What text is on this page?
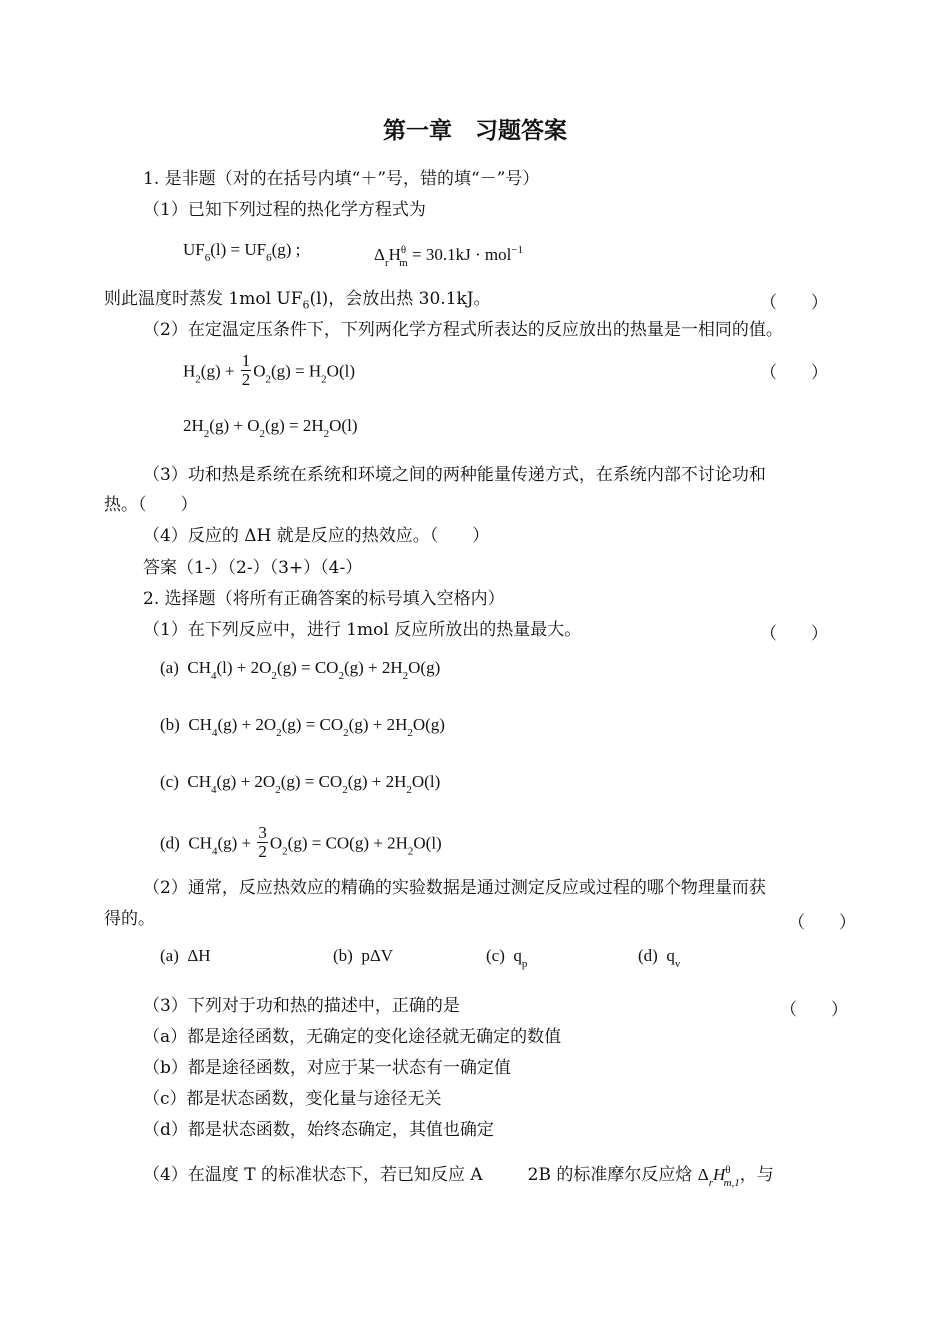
第一章　习题答案
1. 是非题（对的在括号内填“＋”号，错的填“－”号）
（1）已知下列过程的热化学方程式为
$UF_6(l) = UF_6(g)$ ;	$\Delta_rH^\theta_m = 30.1kJ \cdot mol^{-1}$
则此温度时蒸发 1mol $UF_6(l)$，会放出热 30.1kJ。	（　　）
（2）在定温定压条件下，下列两化学方程式所表达的反应放出的热量是一相同的值。
$H_2(g) + \frac{1}{2} O_2(g) = H_2O(l)$	（　　）
$2H_2(g) + O_2(g) = 2H_2O(l)$
（3）功和热是系统在系统和环境之间的两种能量传递方式，在系统内部不讨论功和
热。（　　）
（4）反应的 ΔH 就是反应的热效应。（　　）
答案（1-）（2-）（3+）（4-）
2. 选择题（将所有正确答案的标号填入空格内）
（1）在下列反应中，进行 1mol 反应所放出的热量最大。	（　　）
(a) $CH_4(l) + 2O_2(g) = CO_2(g) + 2H_2O(g)$
(b) $CH_4(g) + 2O_2(g) = CO_2(g) + 2H_2O(g)$
(c) $CH_4(g) + 2O_2(g) = CO_2(g) + 2H_2O(l)$
(d) $CH_4(g) + \frac{3}{2} O_2(g) = CO(g) + 2H_2O(l)$
（2）通常，反应热效应的精确的实验数据是通过测定反应或过程的哪个物理量而获
得的。	（　　）
(a) ΔH	(b) pΔV	(c) $q_p$	(d) $q_v$
（3）下列对于功和热的描述中，正确的是	（　　）
（a）都是途径函数，无确定的变化途径就无确定的数值
（b）都是途径函数，对应于某一状态有一确定值
（c）都是状态函数，变化量与途径无关
（d）都是状态函数，始终态确定，其值也确定
（4）在温度 T 的标准状态下，若已知反应 A	2B 的标准摩尔反应焓 $\Delta_rH^\theta_{m,1}$，与
